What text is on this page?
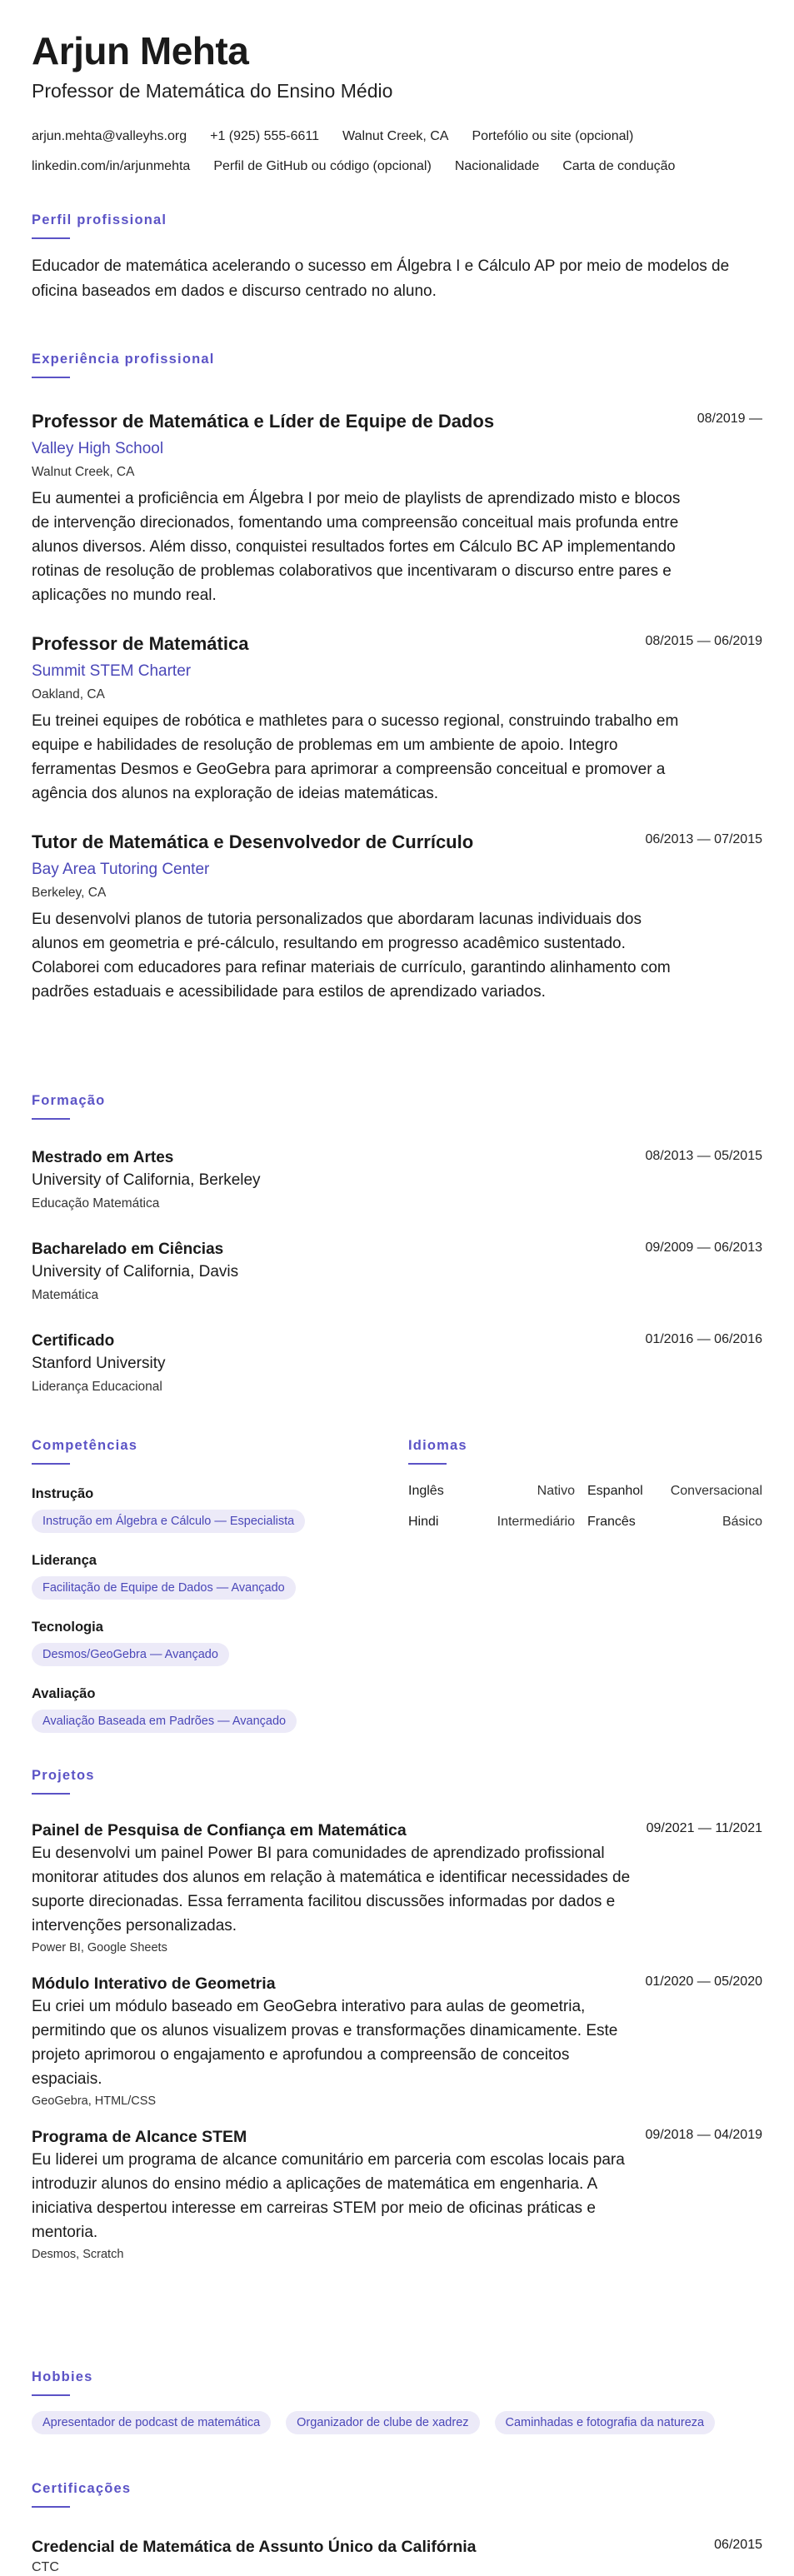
Arjun Mehta
Professor de Matemática do Ensino Médio
arjun.mehta@valleyhs.org +1 (925) 555-6611 Walnut Creek, CA Portefólio ou site (opcional)
linkedin.com/in/arjunmehta Perfil de GitHub ou código (opcional) Nacionalidade Carta de condução
Perfil profissional
Educador de matemática acelerando o sucesso em Álgebra I e Cálculo AP por meio de modelos de oficina baseados em dados e discurso centrado no aluno.
Experiência profissional
Professor de Matemática e Líder de Equipe de Dados	08/2019 —
Valley High School
Walnut Creek, CA
Eu aumentei a proficiência em Álgebra I por meio de playlists de aprendizado misto e blocos de intervenção direcionados, fomentando uma compreensão conceitual mais profunda entre alunos diversos. Além disso, conquistei resultados fortes em Cálculo BC AP implementando rotinas de resolução de problemas colaborativos que incentivaram o discurso entre pares e aplicações no mundo real.
Professor de Matemática	08/2015 — 06/2019
Summit STEM Charter
Oakland, CA
Eu treinei equipes de robótica e mathletes para o sucesso regional, construindo trabalho em equipe e habilidades de resolução de problemas em um ambiente de apoio. Integro ferramentas Desmos e GeoGebra para aprimorar a compreensão conceitual e promover a agência dos alunos na exploração de ideias matemáticas.
Tutor de Matemática e Desenvolvedor de Currículo	06/2013 — 07/2015
Bay Area Tutoring Center
Berkeley, CA
Eu desenvolvi planos de tutoria personalizados que abordaram lacunas individuais dos alunos em geometria e pré-cálculo, resultando em progresso acadêmico sustentado. Colaborei com educadores para refinar materiais de currículo, garantindo alinhamento com padrões estaduais e acessibilidade para estilos de aprendizado variados.
Formação
Mestrado em Artes	08/2013 — 05/2015
University of California, Berkeley
Educação Matemática
Bacharelado em Ciências	09/2009 — 06/2013
University of California, Davis
Matemática
Certificado	01/2016 — 06/2016
Stanford University
Liderança Educacional
Competências
Instrução
Instrução em Álgebra e Cálculo — Especialista
Liderança
Facilitação de Equipe de Dados — Avançado
Tecnologia
Desmos/GeoGebra — Avançado
Avaliação
Avaliação Baseada em Padrões — Avançado
Idiomas
Inglês	Nativo Espanhol	Conversacional
Hindi	Intermediário Francês	Básico
Projetos
Painel de Pesquisa de Confiança em Matemática	09/2021 — 11/2021
Eu desenvolvi um painel Power BI para comunidades de aprendizado profissional monitorar atitudes dos alunos em relação à matemática e identificar necessidades de suporte direcionadas. Essa ferramenta facilitou discussões informadas por dados e intervenções personalizadas.
Power BI, Google Sheets
Módulo Interativo de Geometria	01/2020 — 05/2020
Eu criei um módulo baseado em GeoGebra interativo para aulas de geometria, permitindo que os alunos visualizem provas e transformações dinamicamente. Este projeto aprimorou o engajamento e aprofundou a compreensão de conceitos espaciais.
GeoGebra, HTML/CSS
Programa de Alcance STEM	09/2018 — 04/2019
Eu liderei um programa de alcance comunitário em parceria com escolas locais para introduzir alunos do ensino médio a aplicações de matemática em engenharia. A iniciativa despertou interesse em carreiras STEM por meio de oficinas práticas e mentoria.
Desmos, Scratch
Hobbies
Apresentador de podcast de matemática	Organizador de clube de xadrez	Caminhadas e fotografia da natureza
Certificações
Credencial de Matemática de Assunto Único da Califórnia	06/2015
CTC
